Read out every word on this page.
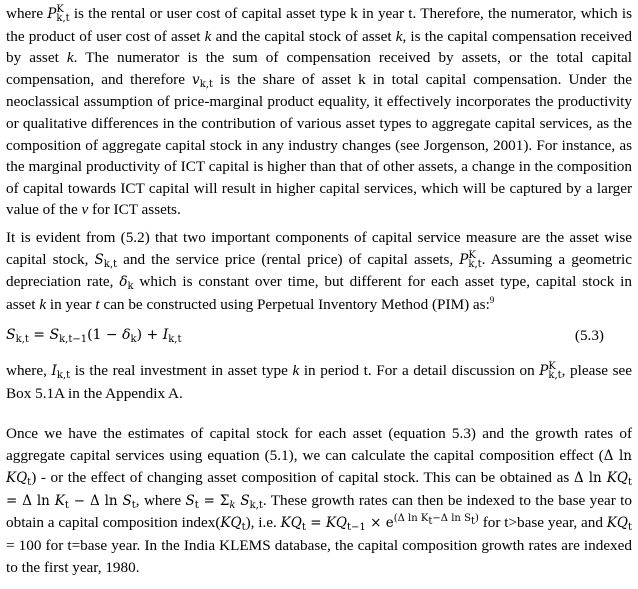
where P K
k,t is the rental or user cost of capital asset type k in year t. Therefore, the numerator, which is the product of user cost of asset k and the capital stock of asset k, is the capital compensation received by asset k. The numerator is the sum of compensation received by assets, or the total capital compensation, and therefore $v_{k,t}$ is the share of asset k in total capital compensation. Under the neoclassical assumption of price-marginal product equality, it effectively incorporates the productivity or qualitative differences in the contribution of various asset types to aggregate capital services, as the composition of aggregate capital stock in any industry changes (see Jorgenson, 2001). For instance, as the marginal productivity of ICT capital is higher than that of other assets, a change in the composition of capital towards ICT capital will result in higher capital services, which will be captured by a larger value of the v for ICT assets.

It is evident from (5.2) that two important components of capital service measure are the asset wise capital stock, $S_{k,t}$ and the service price (rental price) of capital assets, P K
k,t . Assuming a geometric depreciation rate, $\delta_k$ which is constant over time, but different for each asset type, capital stock in asset k in year t can be constructed using Perpetual Inventory Method (PIM) as:$^9$

$S_{k,t} = S_{k,t-1}(1 - \delta_k) + I_{k,t}$	(5.3)

where, $I_{k,t}$ is the real investment in asset type k in period t. For a detail discussion on P K
k,t , please see Box 5.1A in the Appendix A.

Once we have the estimates of capital stock for each asset (equation 5.3) and the growth rates of aggregate capital services using equation (5.1), we can calculate the capital composition effect (Δ $\ln KQ_t$) - or the effect of changing asset composition of capital stock. This can be obtained as Δ $\ln KQ_t = \Delta$ $\ln K_t - \Delta$ $\ln S_t$, where $S_t = \Sigma_k$ $S_{k,t}$. These growth rates can then be indexed to the base year to obtain a capital composition $index(KQ_t)$, i.e. $KQ_t = KQ_{t-1} \times e^{(\Delta ln K_t-\Delta ln S_t)}$ for t>base year, and $KQ_t = 100$ for t=base year. In the India KLEMS database, the capital composition growth rates are indexed to the first year, 1980.
